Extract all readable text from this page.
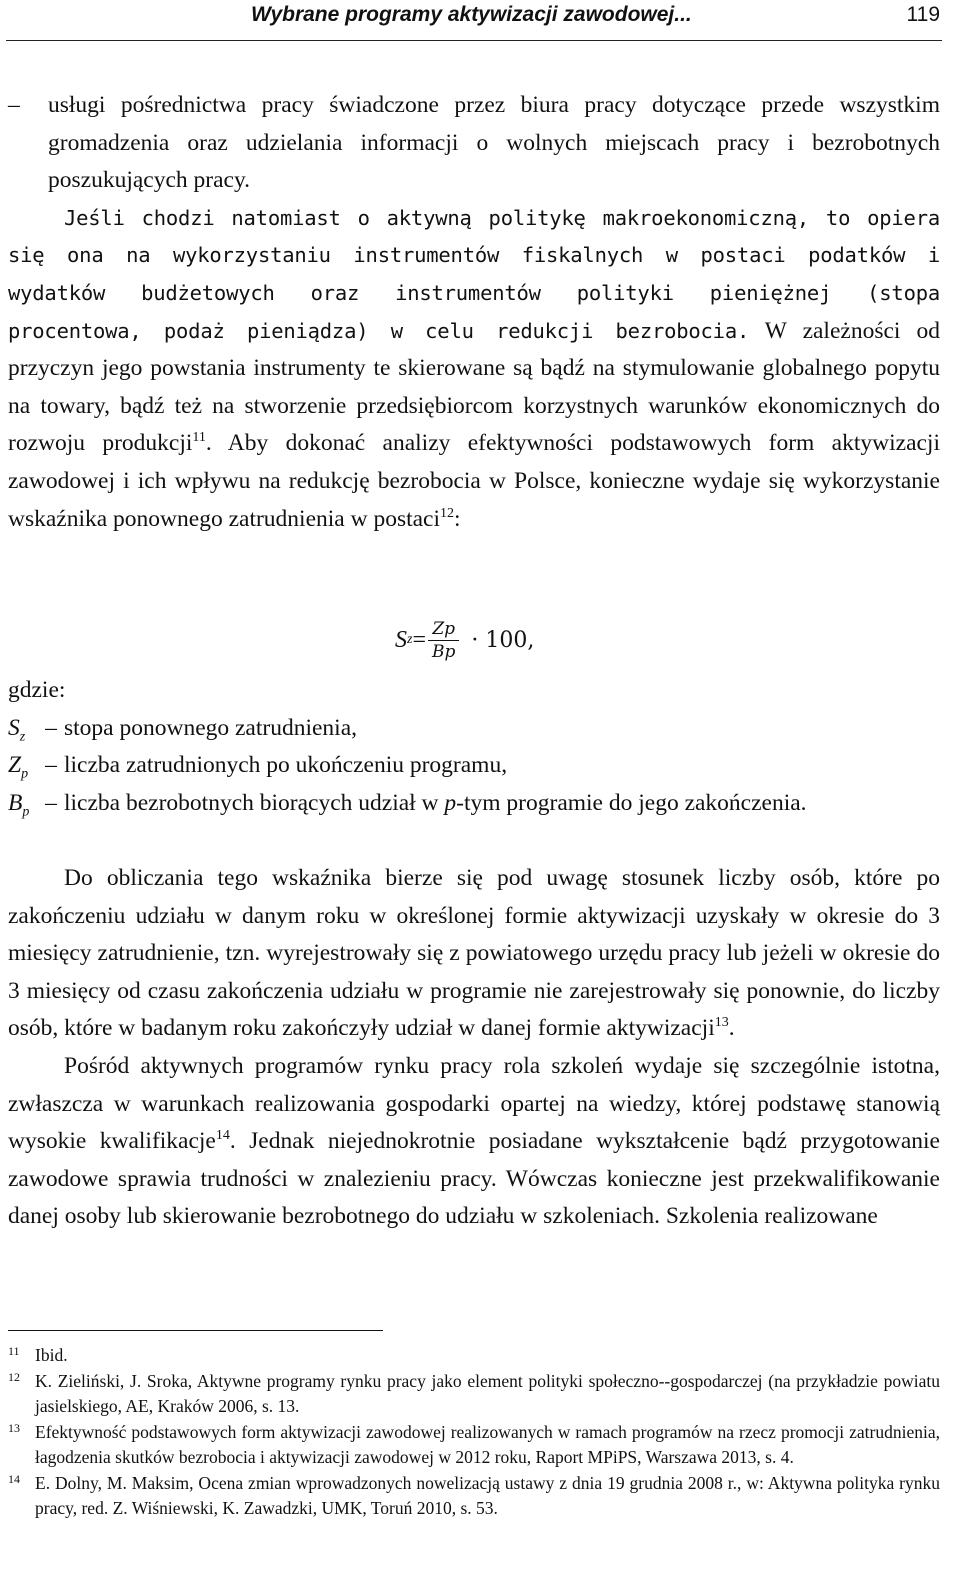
Wybrane programy aktywizacji zawodowej...	119
–	usługi pośrednictwa pracy świadczone przez biura pracy dotyczące przede wszystkim gromadzenia oraz udzielania informacji o wolnych miejscach pracy i bezrobotnych poszukujących pracy.

Jeśli chodzi natomiast o aktywną politykę makroekonomiczną, to opiera się ona na wykorzystaniu instrumentów fiskalnych w postaci podatków i wydatków budżetowych oraz instrumentów polityki pieniężnej (stopa procentowa, podaż pieniądza) w celu redukcji bezrobocia. W zależności od przyczyn jego powstania instrumenty te skierowane są bądź na stymulowanie globalnego popytu na towary, bądź też na stworzenie przedsiębiorcom korzystnych warunków ekonomicznych do rozwoju produkcji$^{11}$. Aby dokonać analizy efektywności podstawowych form aktywizacji zawodowej i ich wpływu na redukcję bezrobocia w Polsce, konieczne wydaje się wykorzystanie wskaźnika ponownego zatrudnienia w postaci$^{12}$:

S $z = \frac{Zp}{Bp} \cdot 100$,
gdzie:
$S_z$ – stopa ponownego zatrudnienia,
$Z_p$ – liczba zatrudnionych po ukończeniu programu,
$B_p$ – liczba bezrobotnych biorących udział w p-tym programie do jego zakończenia.

Do obliczania tego wskaźnika bierze się pod uwagę stosunek liczby osób, które po zakończeniu udziału w danym roku w określonej formie aktywizacji uzyskały w okresie do 3 miesięcy zatrudnienie, tzn. wyrejestrowały się z powiatowego urzędu pracy lub jeżeli w okresie do 3 miesięcy od czasu zakończenia udziału w programie nie zarejestrowały się ponownie, do liczby osób, które w badanym roku zakończyły udział w danej formie aktywizacji$^{13}$.

Pośród aktywnych programów rynku pracy rola szkoleń wydaje się szczególnie istotna, zwłaszcza w warunkach realizowania gospodarki opartej na wiedzy, której podstawę stanowią wysokie kwalifikacje$^{14}$. Jednak niejednokrotnie posiadane wykształcenie bądź przygotowanie zawodowe sprawia trudności w znalezieniu pracy. Wówczas konieczne jest przekwalifikowanie danej osoby lub skierowanie bezrobotnego do udziału w szkoleniach. Szkolenia realizowane

11 Ibid.
12 K. Zieliński, J. Sroka, Aktywne programy rynku pracy jako element polityki społeczno--gospodarczej (na przykładzie powiatu jasielskiego, AE, Kraków 2006, s. 13.
13 Efektywność podstawowych form aktywizacji zawodowej realizowanych w ramach programów na rzecz promocji zatrudnienia, łagodzenia skutków bezrobocia i aktywizacji zawodowej w 2012 roku, Raport MPiPS, Warszawa 2013, s. 4.
14 E. Dolny, M. Maksim, Ocena zmian wprowadzonych nowelizacją ustawy z dnia 19 grudnia 2008 r., w: Aktywna polityka rynku pracy, red. Z. Wiśniewski, K. Zawadzki, UMK, Toruń 2010, s. 53.
